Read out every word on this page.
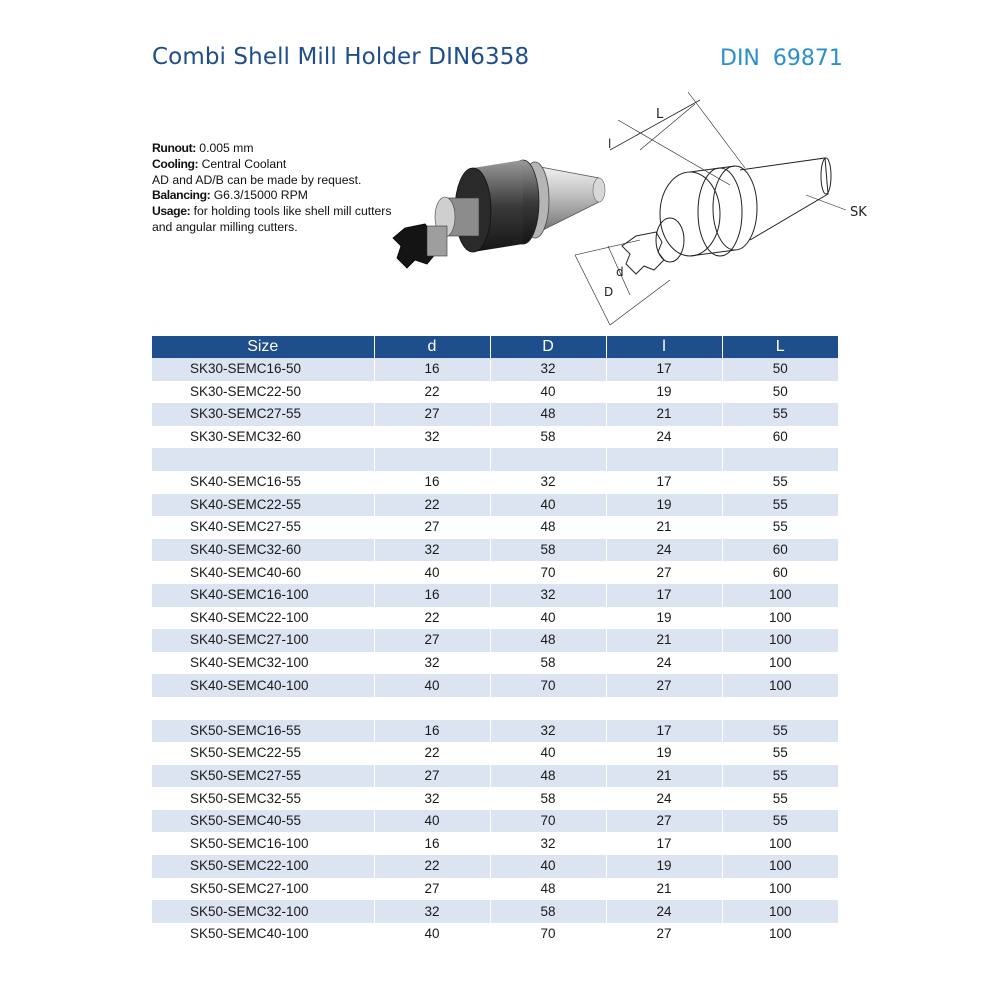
Combi Shell Mill Holder DIN6358	DIN 69871
Runout: 0.005 mm
Cooling: Central Coolant
AD and AD/B can be made by request.
Balancing: G6.3/15000 RPM
Usage: for holding tools like shell mill cutters and angular milling cutters.
L
l
d
D
SK
Size	d	D	l	L
SK30-SEMC16-50	16	32	17	50
SK30-SEMC22-50	22	40	19	50
SK30-SEMC27-55	27	48	21	55
SK30-SEMC32-60	32	58	24	60

SK40-SEMC16-55	16	32	17	55
SK40-SEMC22-55	22	40	19	55
SK40-SEMC27-55	27	48	21	55
SK40-SEMC32-60	32	58	24	60
SK40-SEMC40-60	40	70	27	60
SK40-SEMC16-100	16	32	17	100
SK40-SEMC22-100	22	40	19	100
SK40-SEMC27-100	27	48	21	100
SK40-SEMC32-100	32	58	24	100
SK40-SEMC40-100	40	70	27	100

SK50-SEMC16-55	16	32	17	55
SK50-SEMC22-55	22	40	19	55
SK50-SEMC27-55	27	48	21	55
SK50-SEMC32-55	32	58	24	55
SK50-SEMC40-55	40	70	27	55
SK50-SEMC16-100	16	32	17	100
SK50-SEMC22-100	22	40	19	100
SK50-SEMC27-100	27	48	21	100
SK50-SEMC32-100	32	58	24	100
SK50-SEMC40-100	40	70	27	100
